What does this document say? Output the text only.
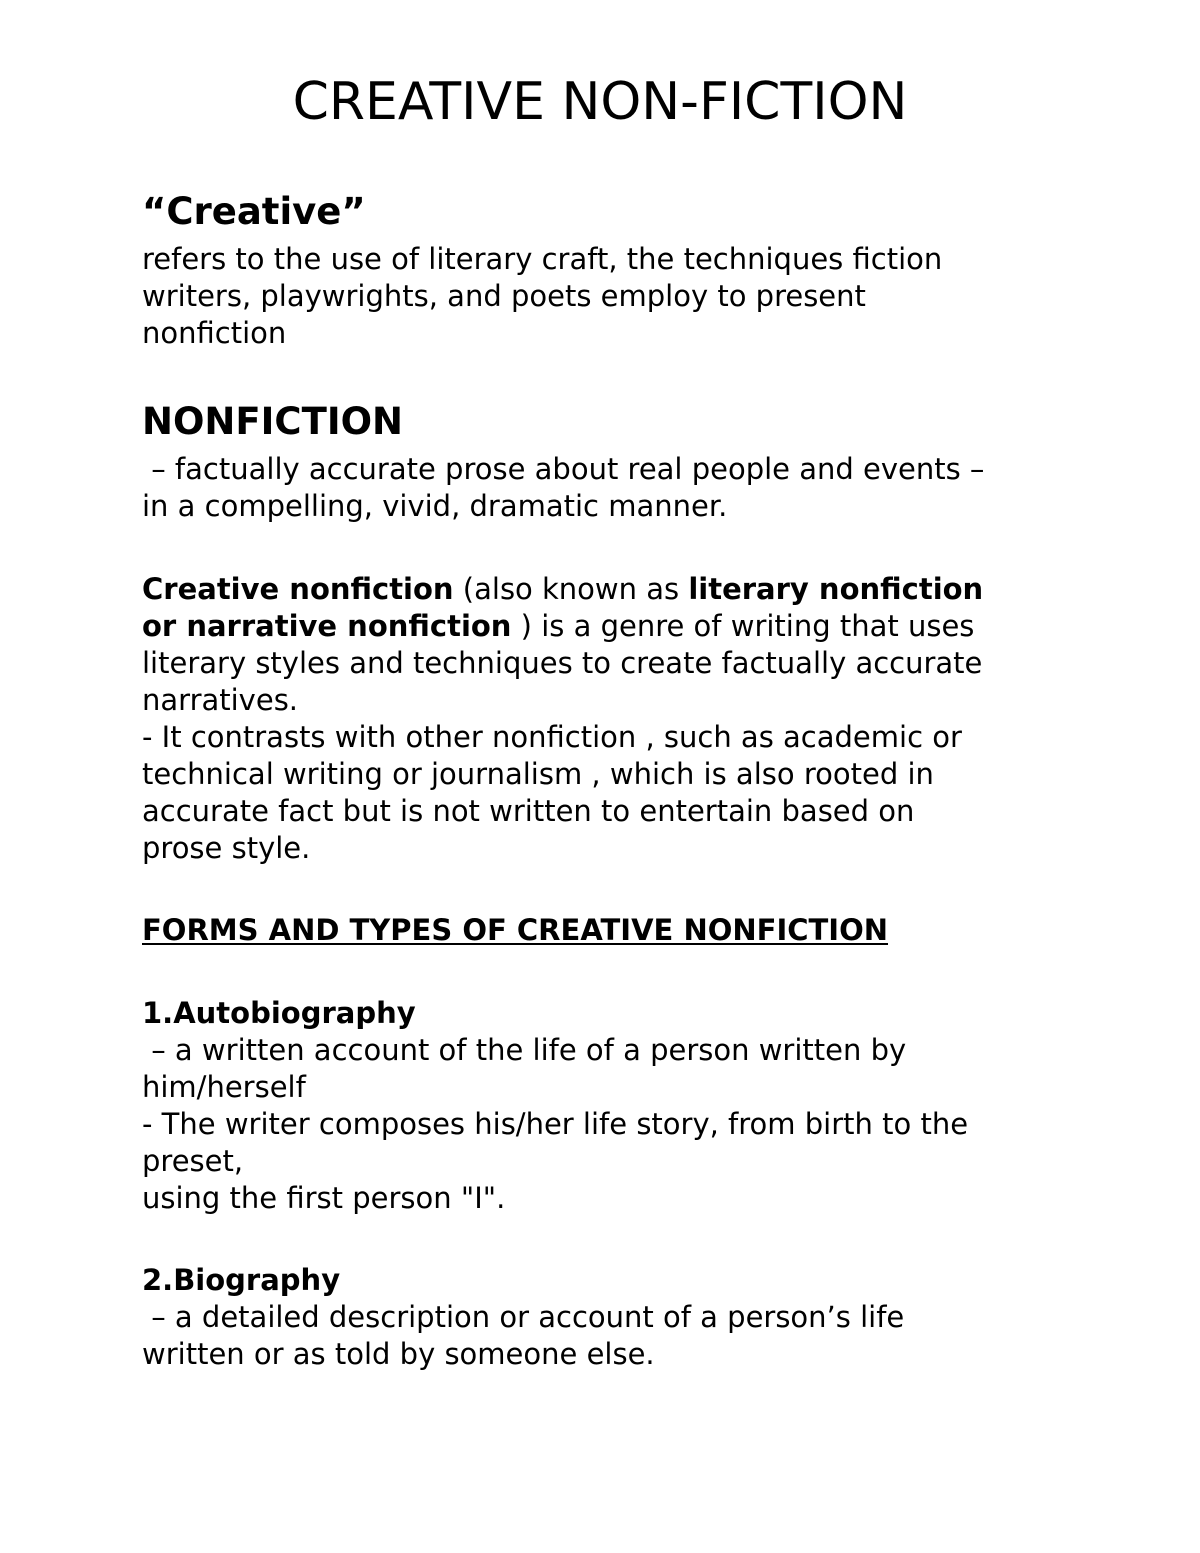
CREATIVE NON-FICTION
“Creative”
refers to the use of literary craft, the techniques fiction
writers, playwrights, and poets employ to present
nonfiction
NONFICTION
– factually accurate prose about real people and events –
in a compelling, vivid, dramatic manner.
Creative nonfiction (also known as literary nonfiction
or narrative nonfiction ) is a genre of writing that uses
literary styles and techniques to create factually accurate
narratives.
- It contrasts with other nonfiction , such as academic or
technical writing or journalism , which is also rooted in
accurate fact but is not written to entertain based on
prose style.
FORMS AND TYPES OF CREATIVE NONFICTION
1.Autobiography
– a written account of the life of a person written by
him/herself
- The writer composes his/her life story, from birth to the
preset,
using the first person "I".
2.Biography
– a detailed description or account of a person’s life
written or as told by someone else.
